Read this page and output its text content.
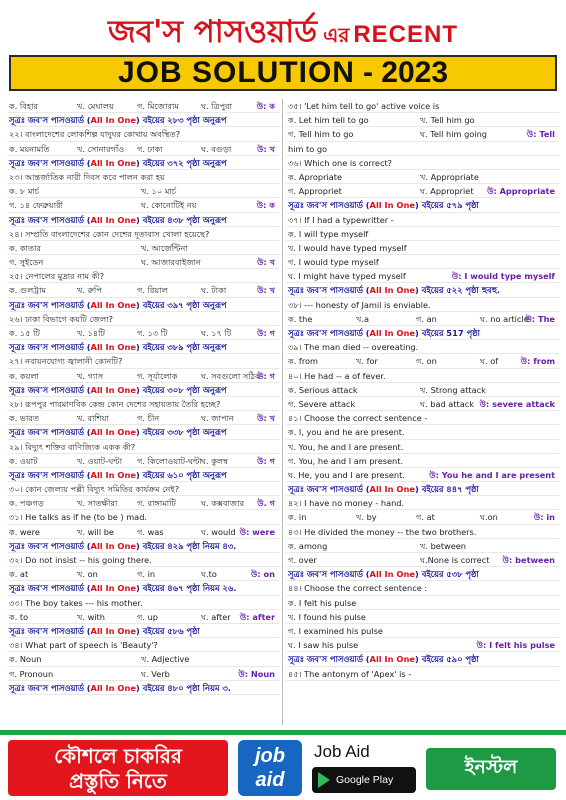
জব'স পাসওয়ার্ড এর RECENT
JOB SOLUTION - 2023
ক. বিহার	খ. মেঘালয়	গ. মিজোরাম	ঘ. ত্রিপুরা	উ: ক
সূত্রঃ জব'স পাসওয়ার্ড (All In One) বইয়ের ২৮৩ পৃষ্ঠা অনুরূপ
২২। বাংলাদেশের লোকশিল্প যাদুঘর কোথায় অবস্থিত?
ক. ময়নামতি	খ. সোনারগাঁও গ. ঢাকা	ঘ. বগুড়া	উ: খ
সূত্রঃ জব'স পাসওয়ার্ড (All In One) বইয়ের ৩৭২ পৃষ্ঠা অনুরূপ
২৩। আন্তর্জাতিক নারী দিবস কবে পালন করা হয়
ক. ৮ মার্চ	খ. ১০ মার্চ
গ. ১৪ ফেব্রুয়ারী	ঘ. কোনোটিই নয়	উ: ক
সূত্রঃ জব'স পাসওয়ার্ড (All In One) বইয়ের ৪৩৮ পৃষ্ঠা অনুরূপ
২৪। সম্প্রতি বাংলাদেশের কোন দেশের দূতাবাস খোলা হয়েছে?
ক. কাতার	খ. আর্জেন্টিনা
গ. সুইডেন	ঘ. আজারবাইজান	উ: খ
২৫। নেপালের মুদ্রার নাম কী?
ক. গুলট্রাম	খ. রুপি	গ. রিয়াল	ঘ. টাকা	উ: খ
সূত্রঃ জব'স পাসওয়ার্ড (All In One) বইয়ের ৩৯৭ পৃষ্ঠা অনুরূপ
২৬। ঢাকা বিভাগে কয়টি জেলা?
ক. ১৫ টি	খ. ১৪টি	গ. ১৩ টি	ঘ. ১৭ টি	উ: গ
সূত্রঃ জব'স পাসওয়ার্ড (All In One) বইয়ের ৩৮৯ পৃষ্ঠা অনুরূপ
২৭। নবায়নযোগ্য জ্বালানী কোনটি?
ক. কয়লা	খ. গ্যাস	গ. সূর্যালোক	ঘ. সবগুলো সঠিক
উ: গ
সূত্রঃ জব'স পাসওয়ার্ড (All In One) বইয়ের ৩০৮ পৃষ্ঠা অনুরূপ
২৮। রূপপুর পারমাণবিক কেন্দ্র কোন দেশের সহায়তায় তৈরি হচ্ছে?
ক. ভারত	খ. রাশিয়া	গ. চীন	ঘ. জাপান	উ: খ
সূত্রঃ জব'স পাসওয়ার্ড (All In One) বইয়ের ৩৩৮ পৃষ্ঠা অনুরূপ
২৯। বিদ্যুৎ শক্তির বাণিজ্যিক একক কী?
ক. ওয়াট	খ. ওয়াট-ঘন্টা গ. কিলোওয়াট-ঘন্টাঘ. কুলম্ব	উ: গ
সূত্রঃ জব'স পাসওয়ার্ড (All In One) বইয়ের ৬১০ পৃষ্ঠা অনুরূপ
৩০। কোন জেলায় পল্লী বিদ্যুৎ সমিতির কার্যক্রম নেই?
ক. পঞ্চগড়	খ. সাতক্ষীরা গ. রাঙ্গামাটি	ঘ. কক্সবাজার উ. গ
৩১। He talks as if he (to be ) mad.
ক. were	খ. will be	গ. was	ঘ. would উ: were
সূত্রঃ জব'স পাসওয়ার্ড (All In One) বইয়ের ৪২৯ পৃষ্ঠা নিয়ম ৪৩.
৩২। Do not insist -- his going there.
ক. at	খ. on	গ. in	ঘ.to	উ: on
সূত্রঃ জব'স পাসওয়ার্ড (All In One) বইয়ের ৪৬৭ পৃষ্ঠা নিয়ম ২৬.
৩৩। The boy takes --- his mother.
ক. to	খ. with	গ. up	ঘ. after উ: after
সূত্রঃ জব'স পাসওয়ার্ড (All In One) বইয়ের ৫৮৬ পৃষ্ঠা
৩৪। What part of speech is 'Beauty'?
ক. Noun	খ. Adjective
গ. Pronoun	ঘ. Verb	উ: Noun
সূত্রঃ জব'স পাসওয়ার্ড (All In One) বইয়ের ৪৮০ পৃষ্ঠা নিয়ম ৩.
৩৫। 'Let him tell to go' active voice is
ক. Let him tell to go	খ. Tell him go
গ. Tell him to go	ঘ. Tell him going	উ: Tell
him to go
৩৬। Which one is correct?
ক. Apropriate	খ. Appropriate
গ. Appropriet	ঘ. Appropriet উ: Appropriate
সূত্রঃ জব'স পাসওয়ার্ড (All In One) বইয়ের ৫৭৯ পৃষ্ঠা
৩৭। If I had a typewritter -
ক. I will type myself
খ. I would have typed myself
গ. I would type myself
ঘ. I might have typed myself	উ: I would type myself
সূত্রঃ জব'স পাসওয়ার্ড (All In One) বইয়ের ৫২২ পৃষ্ঠা হুবহু.
৩৮। --- honesty of Jamil is enviable.
ক. the	খ.a	গ. an	ঘ. no article
উ: The
সূত্রঃ জব'স পাসওয়ার্ড (All In One) বইয়ের 517 পৃষ্ঠা
৩৯। The man died -- overeating.
ক. from	খ. for	গ. on	ঘ. of	উ: from
৪০। He had -- a of fever.
ক. Serious attack	খ. Strong attack
গ. Severe attack	ঘ. bad attack উ: severe attack
৪১। Choose the correct sentence -
ক. I, you and he are present.
খ. You, he and I are present.
গ. You, he and I am present.
ঘ. He, you and I are present.	উ: You he and I are present
সূত্রঃ জব'স পাসওয়ার্ড (All In One) বইয়ের ৪৪৭ পৃষ্ঠা
৪২। I have no money - hand.
ক. in	খ. by	গ. at	ঘ.on	উ: in
৪৩। He divided the money -- the two brothers.
ক. among	খ. between
গ. over	ঘ.None is correct উ: between
সূত্রঃ জব'স পাসওয়ার্ড (All In One) বইয়ের ৫৩৮ পৃষ্ঠা
৪৪। Choose the correct sentence :
ক. I felt his pulse
খ. I found his pulse
গ. I examined his pulse
ঘ. I saw his pulse	উ: I felt his pulse
সূত্রঃ জব'স পাসওয়ার্ড (All In One) বইয়ের ৫৯০ পৃষ্ঠা
৪৫। The antonym of 'Apex' is -
কৌশলে চাকরির
প্রস্তুতি নিতে
job
aid
Job Aid
Google Play
ইনস্টল
